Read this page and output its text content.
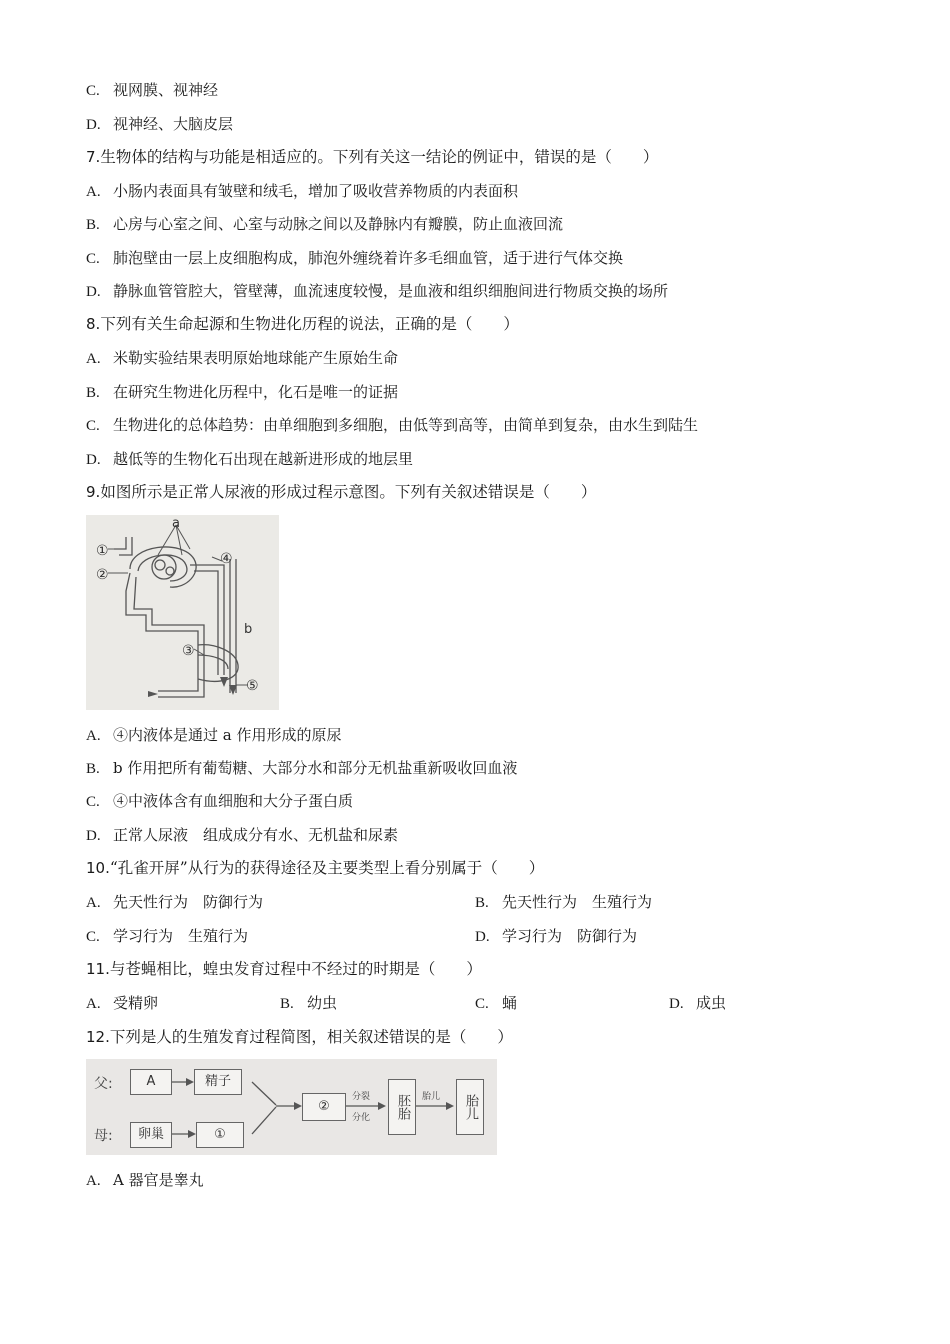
C. 视网膜、视神经
D. 视神经、大脑皮层
7.生物体的结构与功能是相适应的。下列有关这一结论的例证中，错误的是（　　）
A. 小肠内表面具有皱壁和绒毛，增加了吸收营养物质的内表面积
B. 心房与心室之间、心室与动脉之间以及静脉内有瓣膜，防止血液回流
C. 肺泡壁由一层上皮细胞构成，肺泡外缠绕着许多毛细血管，适于进行气体交换
D. 静脉血管管腔大，管壁薄，血流速度较慢，是血液和组织细胞间进行物质交换的场所
8.下列有关生命起源和生物进化历程的说法，正确的是（　　）
A. 米勒实验结果表明原始地球能产生原始生命
B. 在研究生物进化历程中，化石是唯一的证据
C. 生物进化的总体趋势：由单细胞到多细胞，由低等到高等，由简单到复杂，由水生到陆生
D. 越低等的生物化石出现在越新进形成的地层里
9.如图所示是正常人尿液的形成过程示意图。下列有关叙述错误是（　　）
①
②
③
④
⑤
a
b
A. ④内液体是通过 a 作用形成的原尿
B. b 作用把所有葡萄糖、大部分水和部分无机盐重新吸收回血液
C. ④中液体含有血细胞和大分子蛋白质
D. 正常人尿液　组成成分有水、无机盐和尿素
10.“孔雀开屏”从行为的获得途径及主要类型上看分别属于（　　）
A. 先天性行为　防御行为	B. 先天性行为　生殖行为
C. 学习行为　生殖行为	D. 学习行为　防御行为
11.与苍蝇相比，蝗虫发育过程中不经过的时期是（　　）
A. 受精卵	B. 幼虫	C. 蛹	D. 成虫
12.下列是人的生殖发育过程简图，相关叙述错误的是（　　）
父:
母:
A	精子
卵巢	①
②
分裂
分化	胚胎	胎儿	胎儿
A. A 器官是睾丸
